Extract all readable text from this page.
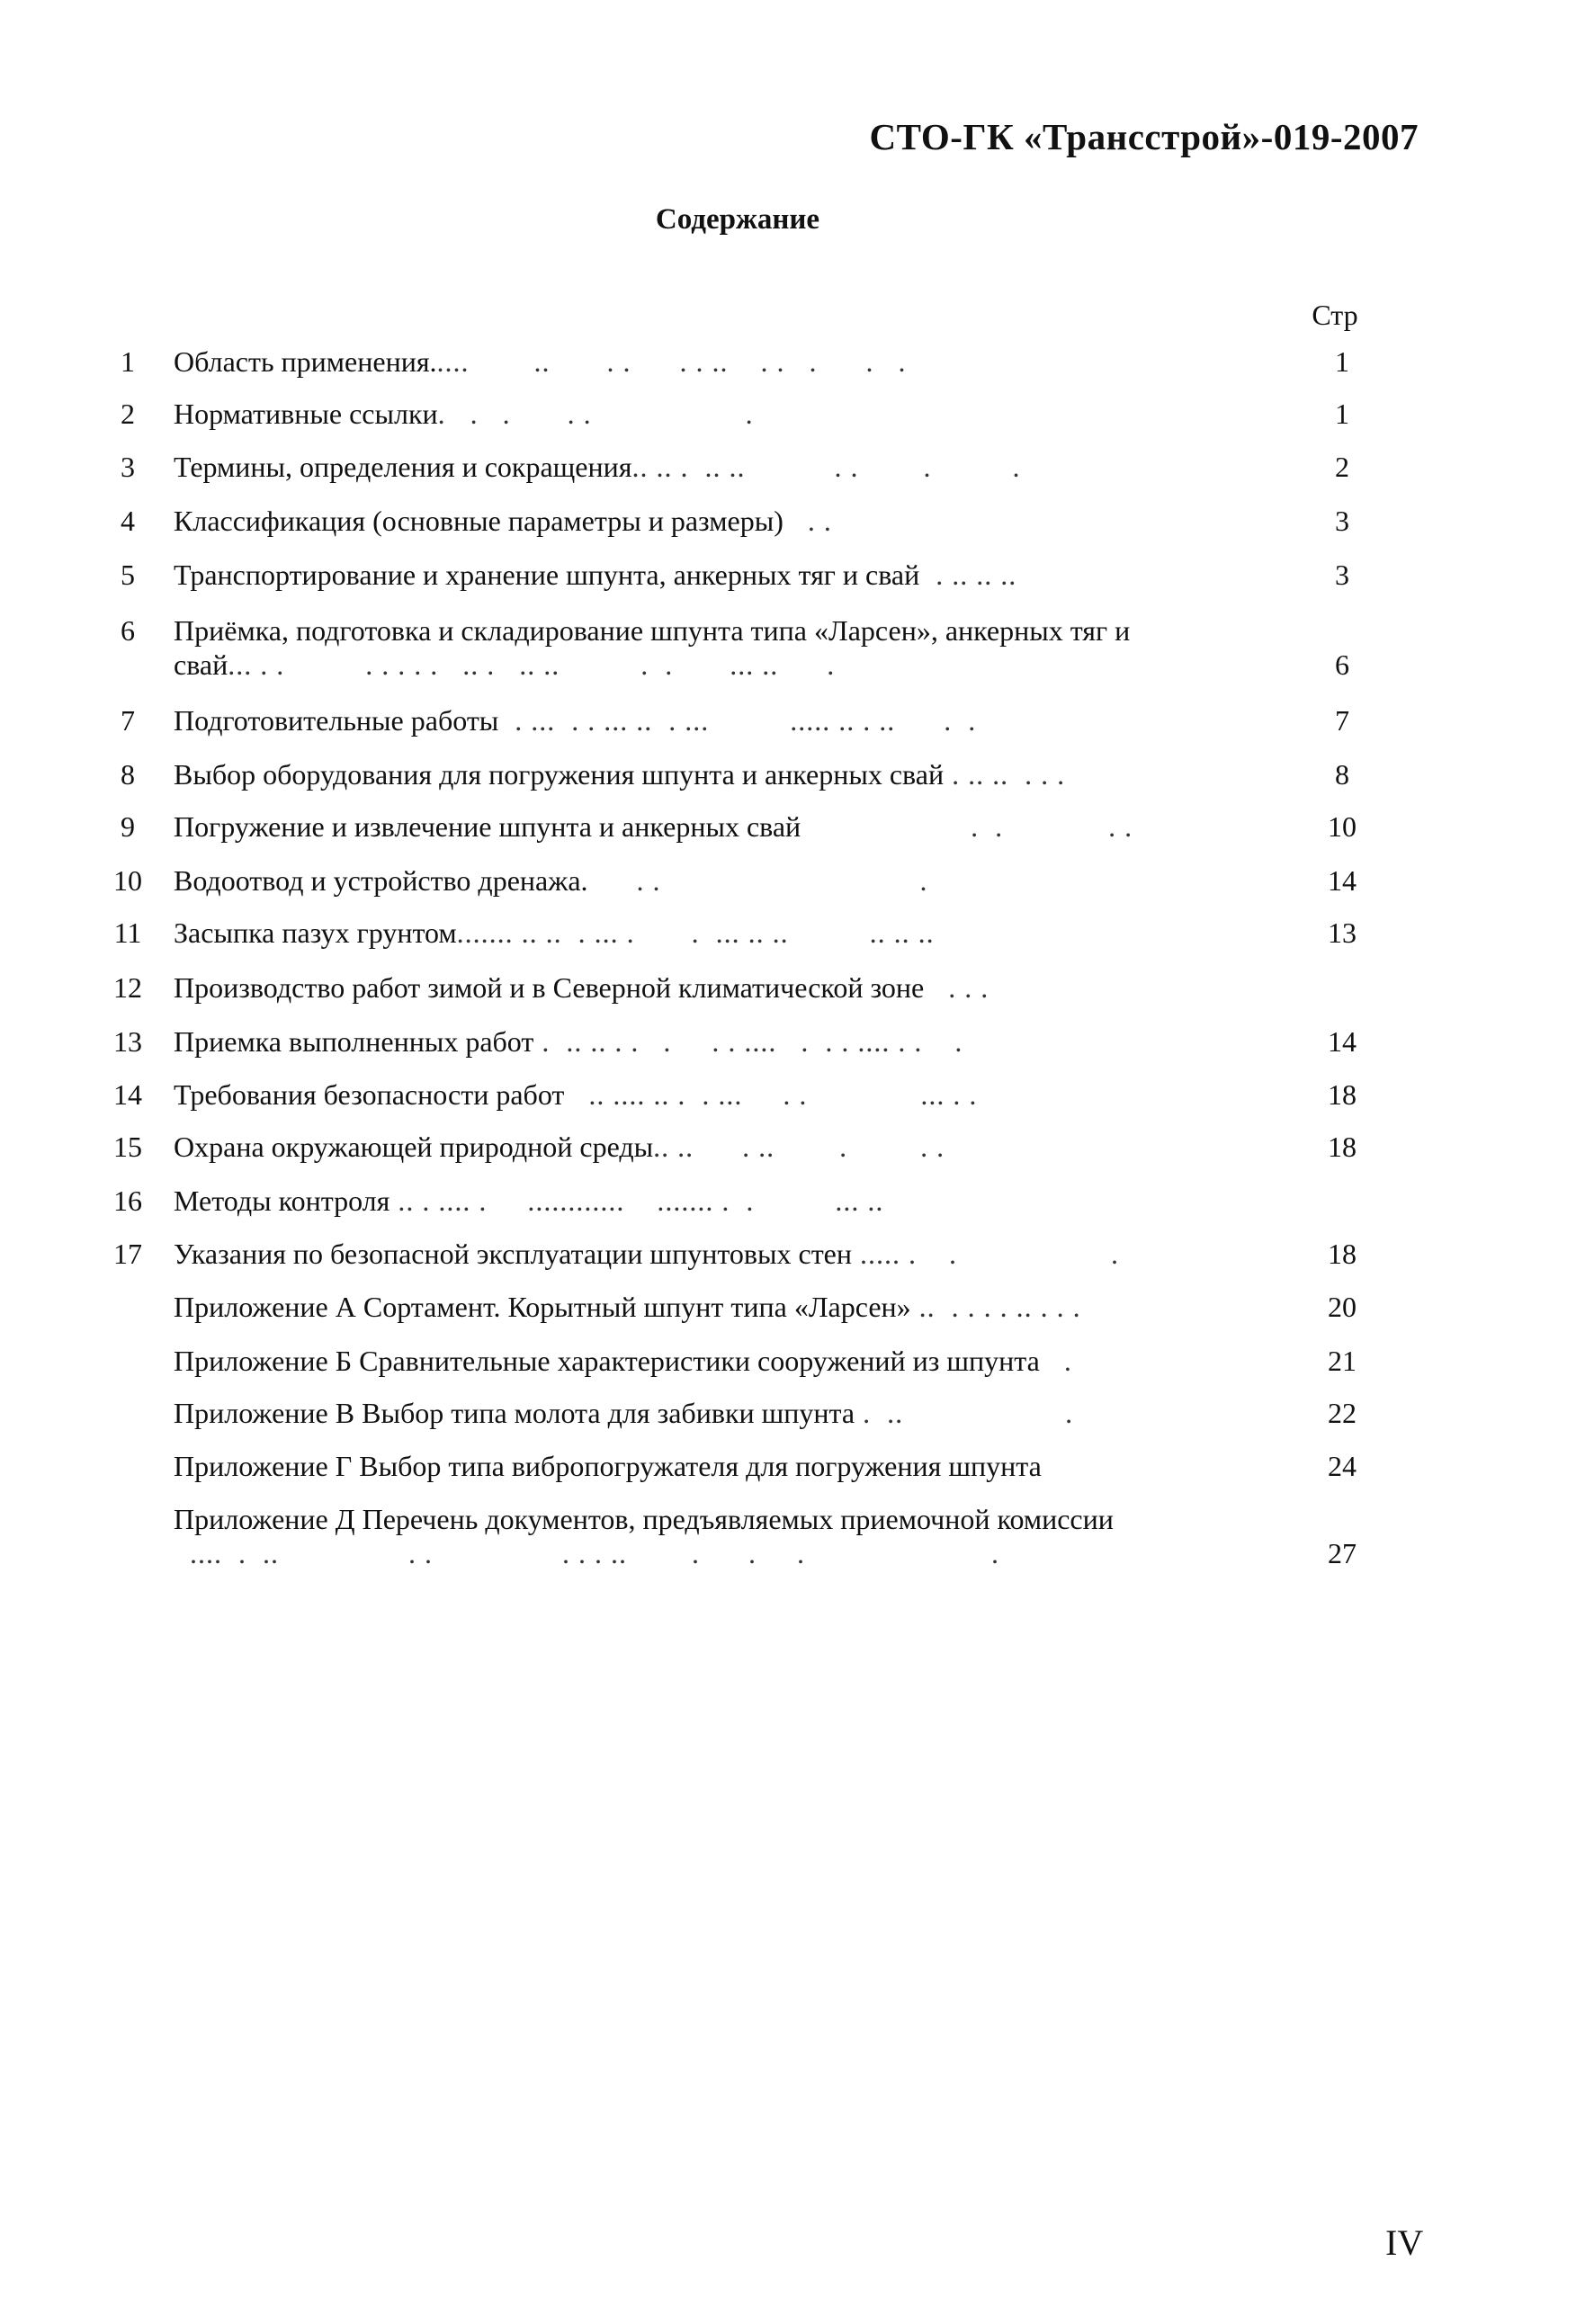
СТО-ГК «Трансстрой»-019-2007
Содержание
Стр
1	Область применения.....        ..       . .      . . ..    . .   .      .   .	1
2	Нормативные ссылки.   .   .       . .                   .	1
3	Термины, определения и сокращения.. .. .  .. ..           . .        .          .	2
4	Классификация (основные параметры и размеры)   . .	3
5	Транспортирование и хранение шпунта, анкерных тяг и свай  . .. .. ..	3
6	Приёмка, подготовка и складирование шпунта типа «Ларсен», анкерных тяг и
свай... . .          . . . . .   .. .   .. ..          .  .       ... ..      .	6
7	Подготовительные работы  . ...  . . ... ..  . ...          ..... .. . ..      .  .	7
8	Выбор оборудования для погружения шпунта и анкерных свай . .. ..  . . .	8
9	Погружение и извлечение шпунта и анкерных свай                     .  .             . .	10
10	Водоотвод и устройство дренажа.      . .                                .	14
11	Засыпка пазух грунтом....... .. ..  . ... .       .  ... .. ..          .. .. ..	13
12	Производство работ зимой и в Северной климатической зоне   . . .
13	Приемка выполненных работ .  .. .. . .   .     . . ....   .  . . .... . .    .	14
14	Требования безопасности работ   .. .... .. .  . ...     . .              ... . .	18
15	Охрана окружающей природной среды.. ..      . ..        .         . .	18
16	Методы контроля .. . .... .     ............    ....... .  .          ... ..
17	Указания по безопасной эксплуатации шпунтовых стен ..... .    .                   .	18
Приложение А Сортамент. Корытный шпунт типа «Ларсен» ..  . . . . .. . . .	20
Приложение Б Сравнительные характеристики сооружений из шпунта   .	21
Приложение В Выбор типа молота для забивки шпунта .  ..                    .	22
Приложение Г Выбор типа вибропогружателя для погружения шпунта	24
Приложение Д Перечень документов, предъявляемых приемочной комиссии
....  .  ..                . .                . . . ..        .      .     .                       .	27
IV
